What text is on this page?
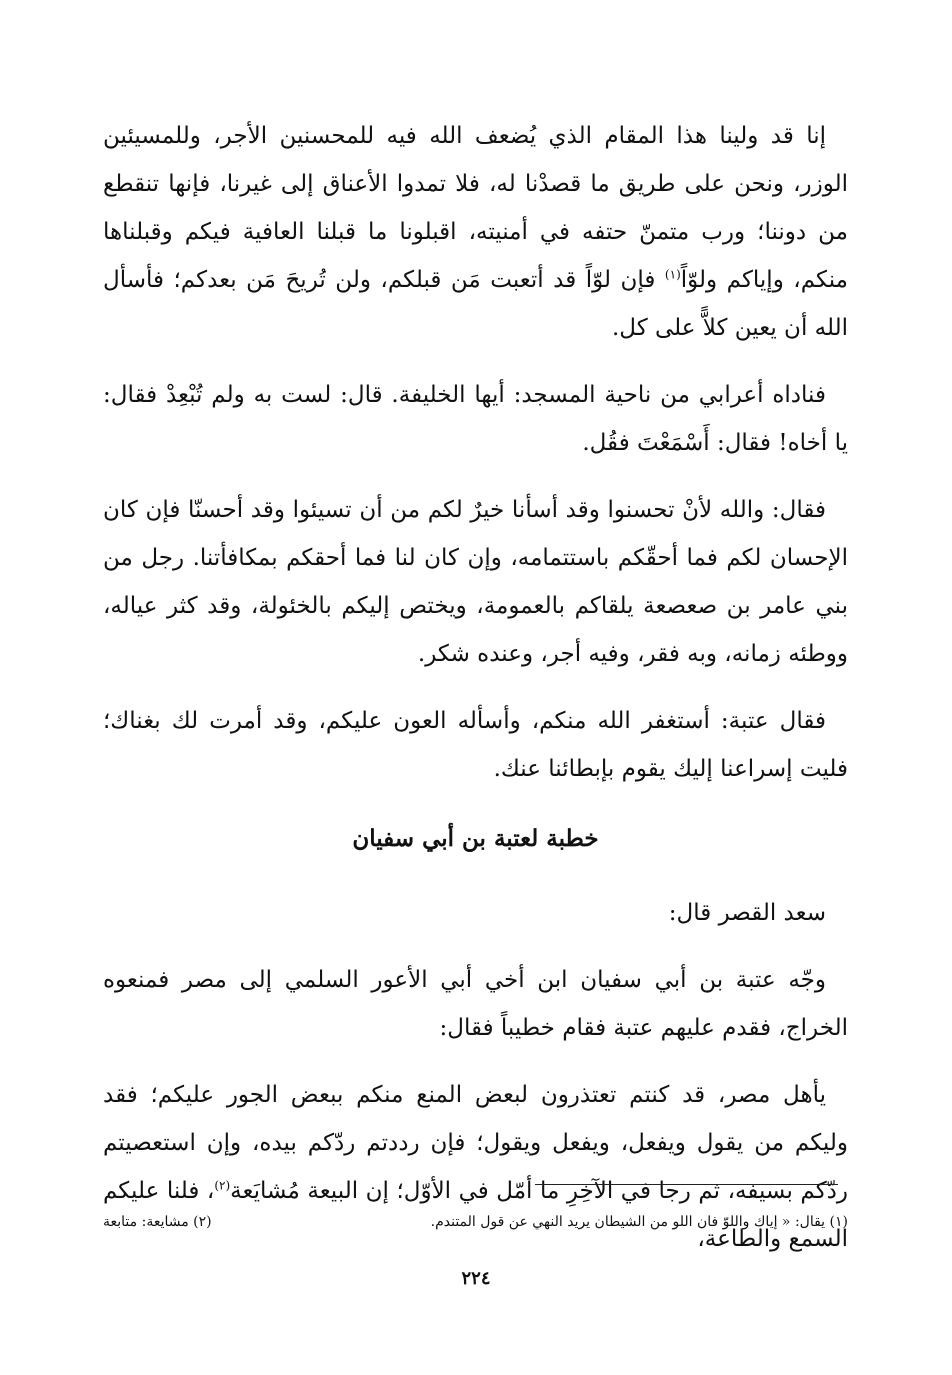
إنا قد ولينا هذا المقام الذي يُضعف الله فيه للمحسنين الأجر، وللمسيئين الوزر، ونحن على طريق ما قصدْنا له، فلا تمدوا الأعناق إلى غيرنا، فإنها تنقطع من دوننا؛ ورب متمنّ حتفه في أمنيته، اقبلونا ما قبلنا العافية فيكم وقبلناها منكم، وإياكم ولوّاً$^{(١)}$ فإن لوّاً قد أتعبت مَن قبلكم، ولن تُريحَ مَن بعدكم؛ فأسأل الله أن يعين كلاًّ على كل.

فناداه أعرابي من ناحية المسجد: أيها الخليفة. قال: لست به ولم تُبْعِدْ فقال: يا أخاه! فقال: أَسْمَعْتَ فقُل.

فقال: والله لأنْ تحسنوا وقد أسأنا خيرٌ لكم من أن تسيئوا وقد أحسنّا فإن كان الإحسان لكم فما أحقّكم باستتمامه، وإن كان لنا فما أحقكم بمكافأتنا. رجل من بني عامر بن صعصعة يلقاكم بالعمومة، ويختص إليكم بالخئولة، وقد كثر عياله، ووطئه زمانه، وبه فقر، وفيه أجر، وعنده شكر.

فقال عتبة: أستغفر الله منكم، وأسأله العون عليكم، وقد أمرت لك بغناك؛ فليت إسراعنا إليك يقوم بإبطائنا عنك.

خطبة لعتبة بن أبي سفيان

سعد القصر قال:

وجّه عتبة بن أبي سفيان ابن أخي أبي الأعور السلمي إلى مصر فمنعوه الخراج، فقدم عليهم عتبة فقام خطيباً فقال:

يأهل مصر، قد كنتم تعتذرون لبعض المنع منكم ببعض الجور عليكم؛ فقد وليكم من يقول ويفعل، ويفعل ويقول؛ فإن رددتم ردّكم بيده، وإن استعصيتم ردّكم بسيفه، ثم رجا في الآخِرِ ما أمّل في الأوّل؛ إن البيعة مُشايَعة$^{(٢)}$، فلنا عليكم السمع والطاعة،

(١) يقال: « إياك واللوّ فان اللو من الشيطان يريد النهي عن قول المتندم.
(٢) مشايعة: متابعة
٢٢٤
